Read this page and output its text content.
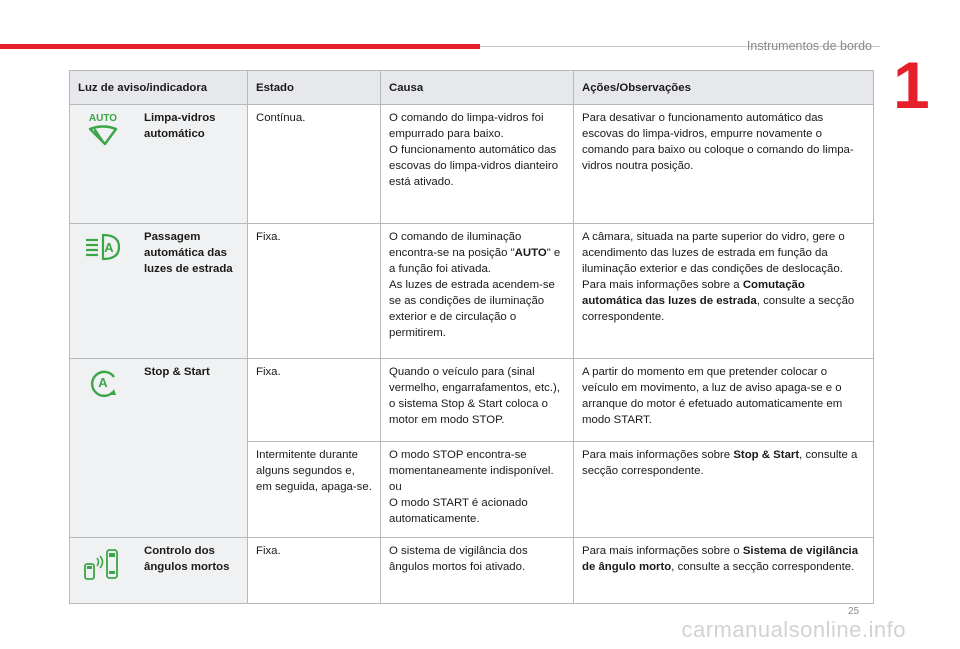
Instrumentos de bordo
1
Luz de aviso/indicadora		Estado	Causa	Ações/Observações

AUTO	Limpa-vidros automático	Contínua.	O comando do limpa-vidros foi empurrado para baixo.
O funcionamento automático das escovas do limpa-vidros dianteiro está ativado.	Para desativar o funcionamento automático das escovas do limpa-vidros, empurre novamente o comando para baixo ou coloque o comando do limpa-vidros noutra posição.

A	Passagem automática das luzes de estrada	Fixa.	O comando de iluminação encontra-se na posição "AUTO" e a função foi ativada.
As luzes de estrada acendem-se se as condições de iluminação exterior e de circulação o permitirem.	A câmara, situada na parte superior do vidro, gere o acendimento das luzes de estrada em função da iluminação exterior e das condições de deslocação.
Para mais informações sobre a Comutação automática das luzes de estrada, consulte a secção correspondente.

A	Stop & Start	Fixa.	Quando o veículo para (sinal vermelho, engarrafamentos, etc.), o sistema Stop & Start coloca o motor em modo STOP.	A partir do momento em que pretender colocar o veículo em movimento, a luz de aviso apaga-se e o arranque do motor é efetuado automaticamente em modo START.
		Intermitente durante alguns segundos e, em seguida, apaga-se.	O modo STOP encontra-se momentaneamente indisponível.
ou
O modo START é acionado automaticamente.	Para mais informações sobre Stop & Start, consulte a secção correspondente.

	Controlo dos ângulos mortos	Fixa.	O sistema de vigilância dos ângulos mortos foi ativado.	Para mais informações sobre o Sistema de vigilância de ângulo morto, consulte a secção correspondente.
25
carmanualsonline.info
